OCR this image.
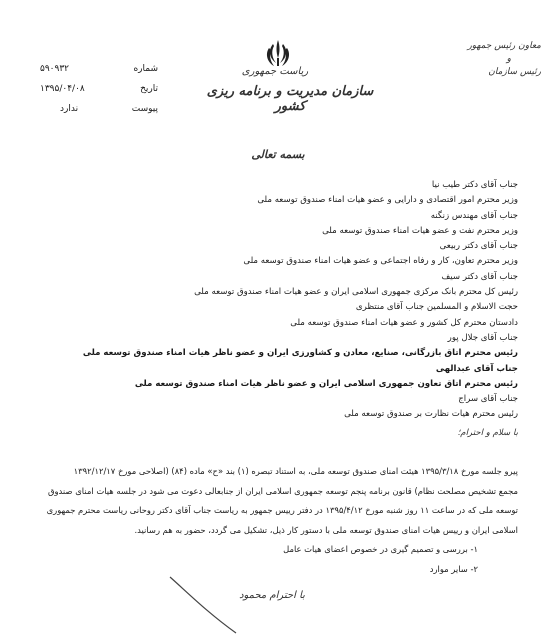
معاون رئیس جمهور
و
رئیس سازمان
ریاست جمهوری
سازمان مدیریت و برنامه ریزی کشور
۵۹۰۹۳۲	شماره
۱۳۹۵/۰۴/۰۸	تاریخ
ندارد	پیوست
بسمه تعالی
جناب آقای دکتر طیب نیا
وزیر محترم امور اقتصادی و دارایی و عضو هیات امناء صندوق توسعه ملی
جناب آقای مهندس زنگنه
وزیر محترم نفت و عضو هیات امناء صندوق توسعه ملی
جناب آقای دکتر ربیعی
وزیر محترم تعاون، کار و رفاه اجتماعی و عضو هیات امناء صندوق توسعه ملی
جناب آقای دکتر سیف
رئیس کل محترم بانک مرکزی جمهوری اسلامی ایران و عضو هیات امناء صندوق توسعه ملی
حجت الاسلام و المسلمین جناب آقای منتظری
دادستان محترم کل کشور و عضو هیات امناء صندوق توسعه ملی
جناب آقای جلال پور
رئیس محترم اتاق بازرگانی، صنایع، معادن و کشاورزی ایران و عضو ناظر هیات امناء صندوق توسعه ملی
جناب آقای عبدالهی
رئیس محترم اتاق تعاون جمهوری اسلامی ایران و عضو ناظر هیات امناء صندوق توسعه ملی
جناب آقای سراج
رئیس محترم هیات نظارت بر صندوق توسعه ملی
با سلام و احترام؛
پیرو جلسه مورخ ۱۳۹۵/۳/۱۸ هیئت امنای صندوق توسعه ملی، به استناد تبصره (۱) بند «ح» ماده (۸۴) (اصلاحی مورخ ۱۳۹۲/۱۲/۱۷
مجمع تشخیص مصلحت نظام) قانون برنامه پنجم توسعه جمهوری اسلامی ایران از جنابعالی دعوت می شود در جلسه هیات امنای صندوق
توسعه ملی که در ساعت ۱۱ روز شنبه مورخ ۱۳۹۵/۴/۱۲ در دفتر رییس جمهور به ریاست جناب آقای دکتر روحانی ریاست محترم جمهوری
اسلامی ایران و رییس هیات امنای صندوق توسعه ملی با دستور کار ذیل، تشکیل می گردد، حضور به هم رسانید.
۱- بررسی و تصمیم گیری در خصوص اعضای هیات عامل
۲- سایر موارد
با احترام محمود
